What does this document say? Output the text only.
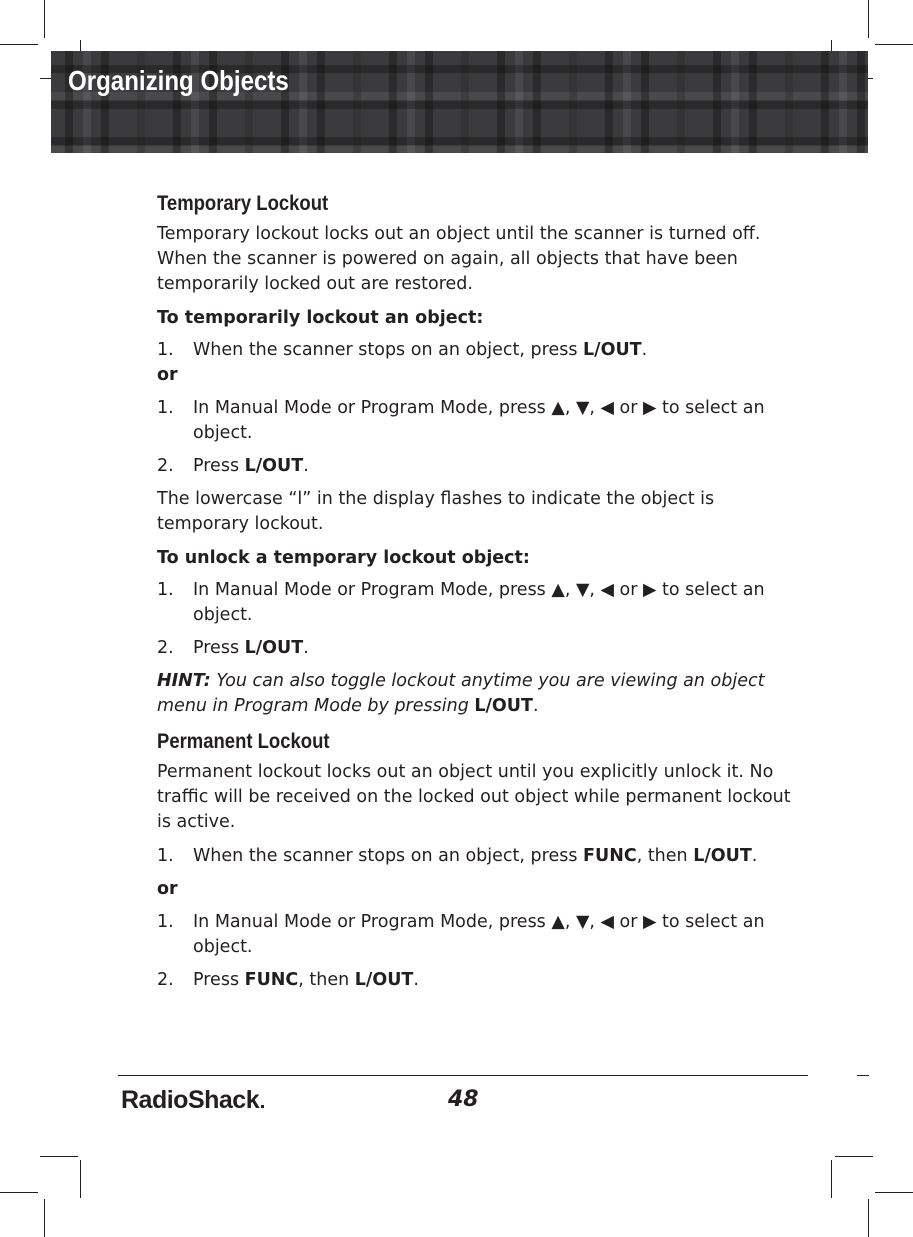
Organizing Objects
Temporary Lockout

Temporary lockout locks out an object until the scanner is turned off. When the scanner is powered on again, all objects that have been temporarily locked out are restored.

To temporarily lockout an object:

1.	When the scanner stops on an object, press L/OUT.

or

1.	In Manual Mode or Program Mode, press ▲, ▼, ◀ or ▶ to select an object.
2.	Press L/OUT.

The lowercase “l” in the display flashes to indicate the object is temporary lockout.

To unlock a temporary lockout object:

1.	In Manual Mode or Program Mode, press ▲, ▼, ◀ or ▶ to select an object.
2.	Press L/OUT.

HINT: You can also toggle lockout anytime you are viewing an object menu in Program Mode by pressing L/OUT.

Permanent Lockout

Permanent lockout locks out an object until you explicitly unlock it. No traffic will be received on the locked out object while permanent lockout is active.

1.	When the scanner stops on an object, press FUNC, then L/OUT.

or

1.	In Manual Mode or Program Mode, press ▲, ▼, ◀ or ▶ to select an object.
2.	Press FUNC, then L/OUT.

RadioShack	48
